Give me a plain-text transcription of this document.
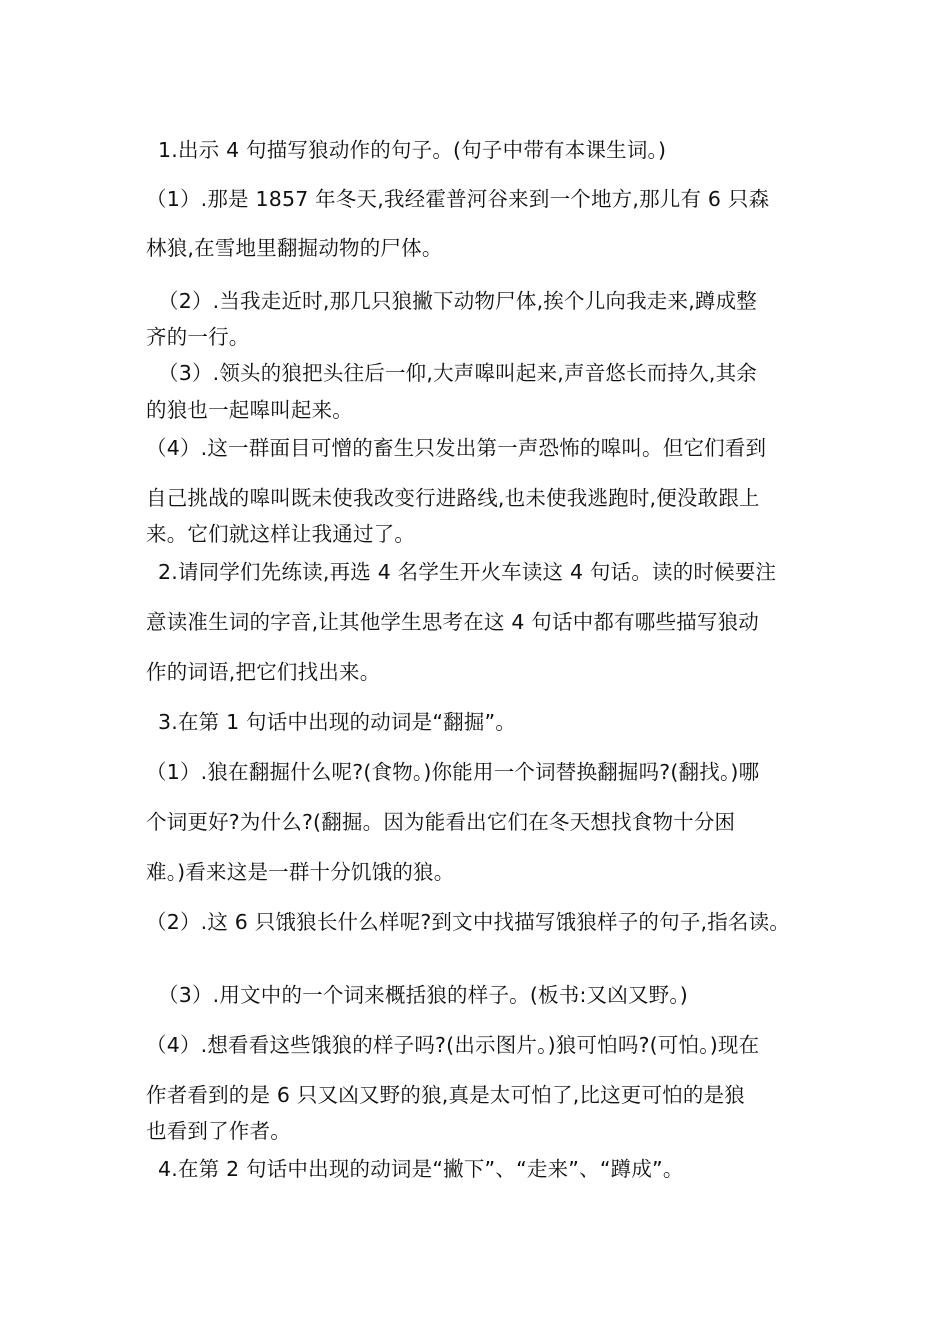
1.出示 4 句描写狼动作的句子。(句子中带有本课生词。)
（1）.那是 1857 年冬天,我经霍普河谷来到一个地方,那儿有 6 只森
林狼,在雪地里翻掘动物的尸体。
（2）.当我走近时,那几只狼撇下动物尸体,挨个儿向我走来,蹲成整
齐的一行。
（3）.领头的狼把头往后一仰,大声嗥叫起来,声音悠长而持久,其余
的狼也一起嗥叫起来。
（4）.这一群面目可憎的畜生只发出第一声恐怖的嗥叫。但它们看到
自己挑战的嗥叫既未使我改变行进路线,也未使我逃跑时,便没敢跟上
来。它们就这样让我通过了。
2.请同学们先练读,再选 4 名学生开火车读这 4 句话。读的时候要注
意读准生词的字音,让其他学生思考在这 4 句话中都有哪些描写狼动
作的词语,把它们找出来。
3.在第 1 句话中出现的动词是“翻掘”。
（1）.狼在翻掘什么呢?(食物。)你能用一个词替换翻掘吗?(翻找。)哪
个词更好?为什么?(翻掘。因为能看出它们在冬天想找食物十分困
难。)看来这是一群十分饥饿的狼。
（2）.这 6 只饿狼长什么样呢?到文中找描写饿狼样子的句子,指名读。
（3）.用文中的一个词来概括狼的样子。(板书:又凶又野。)
（4）.想看看这些饿狼的样子吗?(出示图片。)狼可怕吗?(可怕。)现在
作者看到的是 6 只又凶又野的狼,真是太可怕了,比这更可怕的是狼
也看到了作者。
4.在第 2 句话中出现的动词是“撇下”、“走来”、“蹲成”。
